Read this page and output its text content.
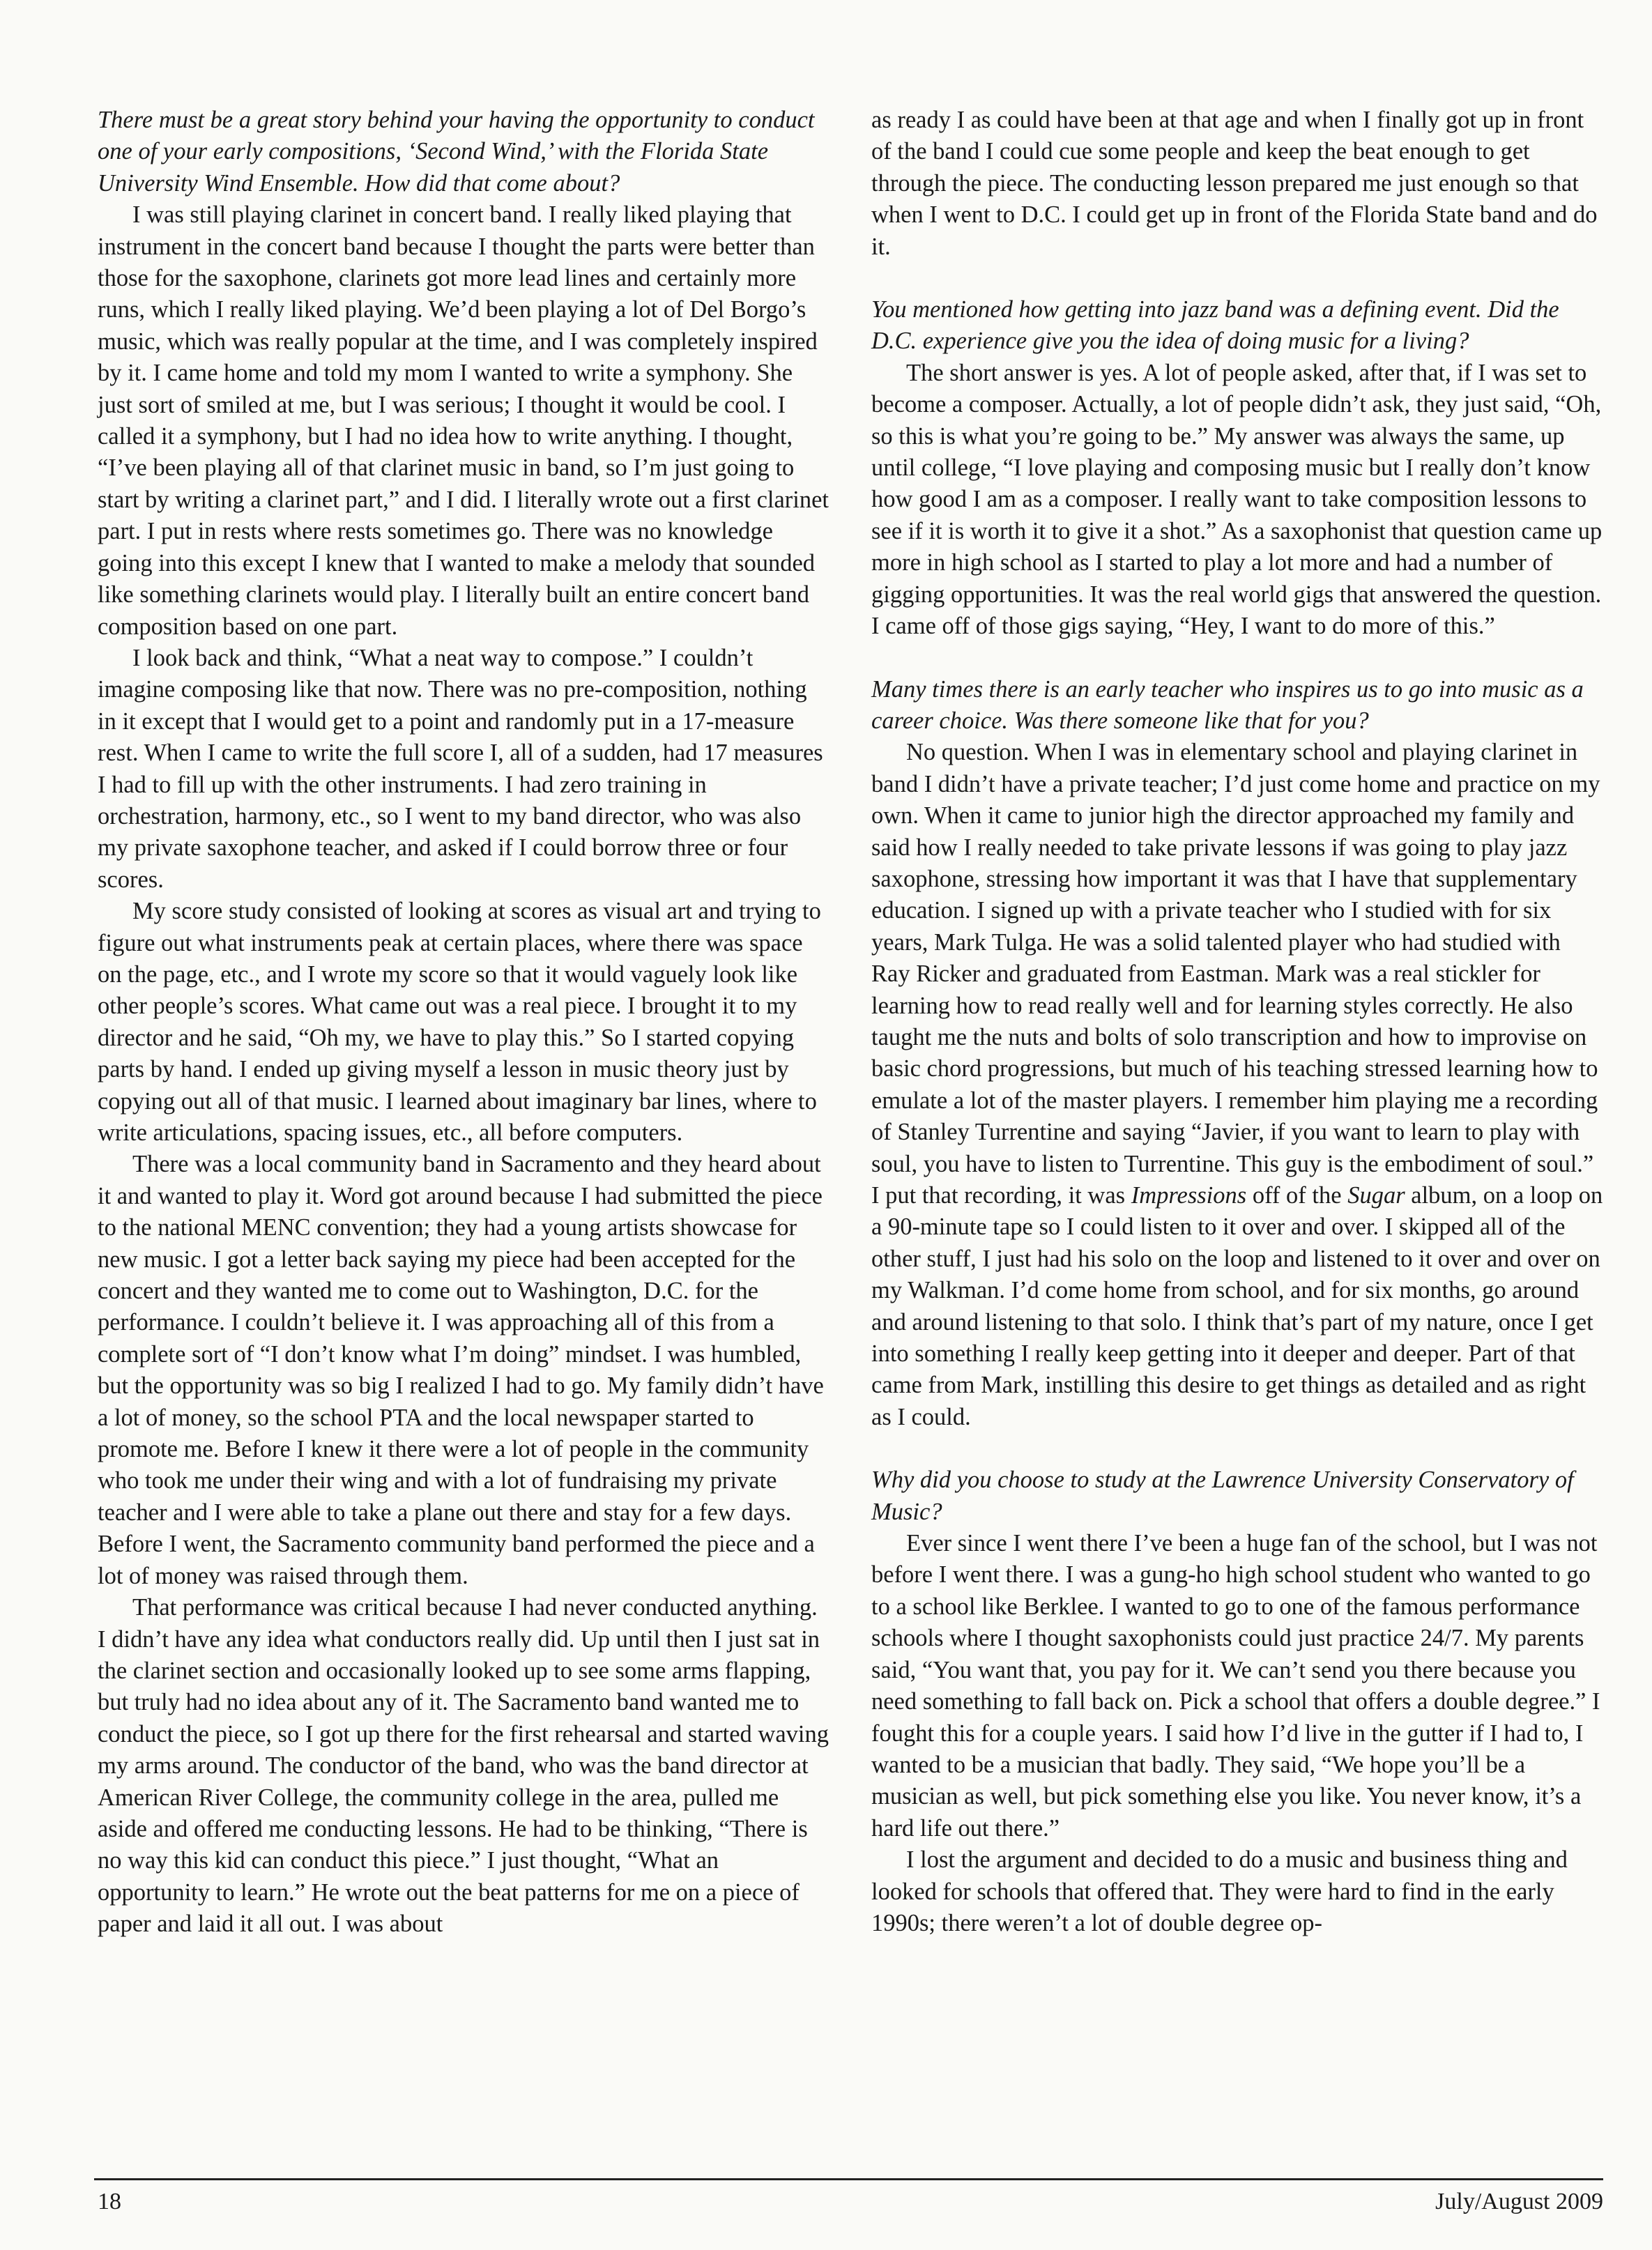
There must be a great story behind your having the opportunity to conduct one of your early compositions, ‘Second Wind,’ with the Florida State University Wind Ensemble. How did that come about?

I was still playing clarinet in concert band. I really liked playing that instrument in the concert band because I thought the parts were better than those for the saxophone, clarinets got more lead lines and certainly more runs, which I really liked playing. We’d been playing a lot of Del Borgo’s music, which was really popular at the time, and I was completely inspired by it. I came home and told my mom I wanted to write a symphony. She just sort of smiled at me, but I was serious; I thought it would be cool. I called it a symphony, but I had no idea how to write anything. I thought, “I’ve been playing all of that clarinet music in band, so I’m just going to start by writing a clarinet part,” and I did. I literally wrote out a first clarinet part. I put in rests where rests sometimes go. There was no knowledge going into this except I knew that I wanted to make a melody that sounded like something clarinets would play. I literally built an entire concert band composition based on one part.

I look back and think, “What a neat way to compose.” I couldn’t imagine composing like that now. There was no pre-composition, nothing in it except that I would get to a point and randomly put in a 17-measure rest. When I came to write the full score I, all of a sudden, had 17 measures I had to fill up with the other instruments. I had zero training in orchestration, harmony, etc., so I went to my band director, who was also my private saxophone teacher, and asked if I could borrow three or four scores.

My score study consisted of looking at scores as visual art and trying to figure out what instruments peak at certain places, where there was space on the page, etc., and I wrote my score so that it would vaguely look like other people’s scores. What came out was a real piece. I brought it to my director and he said, “Oh my, we have to play this.” So I started copying parts by hand. I ended up giving myself a lesson in music theory just by copying out all of that music. I learned about imaginary bar lines, where to write articulations, spacing issues, etc., all before computers.

There was a local community band in Sacramento and they heard about it and wanted to play it. Word got around because I had submitted the piece to the national MENC convention; they had a young artists showcase for new music. I got a letter back saying my piece had been accepted for the concert and they wanted me to come out to Washington, D.C. for the performance. I couldn’t believe it. I was approaching all of this from a complete sort of “I don’t know what I’m doing” mindset. I was humbled, but the opportunity was so big I realized I had to go. My family didn’t have a lot of money, so the school PTA and the local newspaper started to promote me. Before I knew it there were a lot of people in the community who took me under their wing and with a lot of fundraising my private teacher and I were able to take a plane out there and stay for a few days. Before I went, the Sacramento community band performed the piece and a lot of money was raised through them.

That performance was critical because I had never conducted anything. I didn’t have any idea what conductors really did. Up until then I just sat in the clarinet section and occasionally looked up to see some arms flapping, but truly had no idea about any of it. The Sacramento band wanted me to conduct the piece, so I got up there for the first rehearsal and started waving my arms around. The conductor of the band, who was the band director at American River College, the community college in the area, pulled me aside and offered me conducting lessons. He had to be thinking, “There is no way this kid can conduct this piece.” I just thought, “What an opportunity to learn.” He wrote out the beat patterns for me on a piece of paper and laid it all out. I was about

as ready I as could have been at that age and when I finally got up in front of the band I could cue some people and keep the beat enough to get through the piece. The conducting lesson prepared me just enough so that when I went to D.C. I could get up in front of the Florida State band and do it.

You mentioned how getting into jazz band was a defining event. Did the D.C. experience give you the idea of doing music for a living?

The short answer is yes. A lot of people asked, after that, if I was set to become a composer. Actually, a lot of people didn’t ask, they just said, “Oh, so this is what you’re going to be.” My answer was always the same, up until college, “I love playing and composing music but I really don’t know how good I am as a composer. I really want to take composition lessons to see if it is worth it to give it a shot.” As a saxophonist that question came up more in high school as I started to play a lot more and had a number of gigging opportunities. It was the real world gigs that answered the question. I came off of those gigs saying, “Hey, I want to do more of this.”

Many times there is an early teacher who inspires us to go into music as a career choice. Was there someone like that for you?

No question. When I was in elementary school and playing clarinet in band I didn’t have a private teacher; I’d just come home and practice on my own. When it came to junior high the director approached my family and said how I really needed to take private lessons if was going to play jazz saxophone, stressing how important it was that I have that supplementary education. I signed up with a private teacher who I studied with for six years, Mark Tulga. He was a solid talented player who had studied with Ray Ricker and graduated from Eastman. Mark was a real stickler for learning how to read really well and for learning styles correctly. He also taught me the nuts and bolts of solo transcription and how to improvise on basic chord progressions, but much of his teaching stressed learning how to emulate a lot of the master players. I remember him playing me a recording of Stanley Turrentine and saying “Javier, if you want to learn to play with soul, you have to listen to Turrentine. This guy is the embodiment of soul.” I put that recording, it was Impressions off of the Sugar album, on a loop on a 90-minute tape so I could listen to it over and over. I skipped all of the other stuff, I just had his solo on the loop and listened to it over and over on my Walkman. I’d come home from school, and for six months, go around and around listening to that solo. I think that’s part of my nature, once I get into something I really keep getting into it deeper and deeper. Part of that came from Mark, instilling this desire to get things as detailed and as right as I could.

Why did you choose to study at the Lawrence University Conservatory of Music?

Ever since I went there I’ve been a huge fan of the school, but I was not before I went there. I was a gung-ho high school student who wanted to go to a school like Berklee. I wanted to go to one of the famous performance schools where I thought saxophonists could just practice 24/7. My parents said, “You want that, you pay for it. We can’t send you there because you need something to fall back on. Pick a school that offers a double degree.” I fought this for a couple years. I said how I’d live in the gutter if I had to, I wanted to be a musician that badly. They said, “We hope you’ll be a musician as well, but pick something else you like. You never know, it’s a hard life out there.”

I lost the argument and decided to do a music and business thing and looked for schools that offered that. They were hard to find in the early 1990s; there weren’t a lot of double degree op-

18	July/August 2009
